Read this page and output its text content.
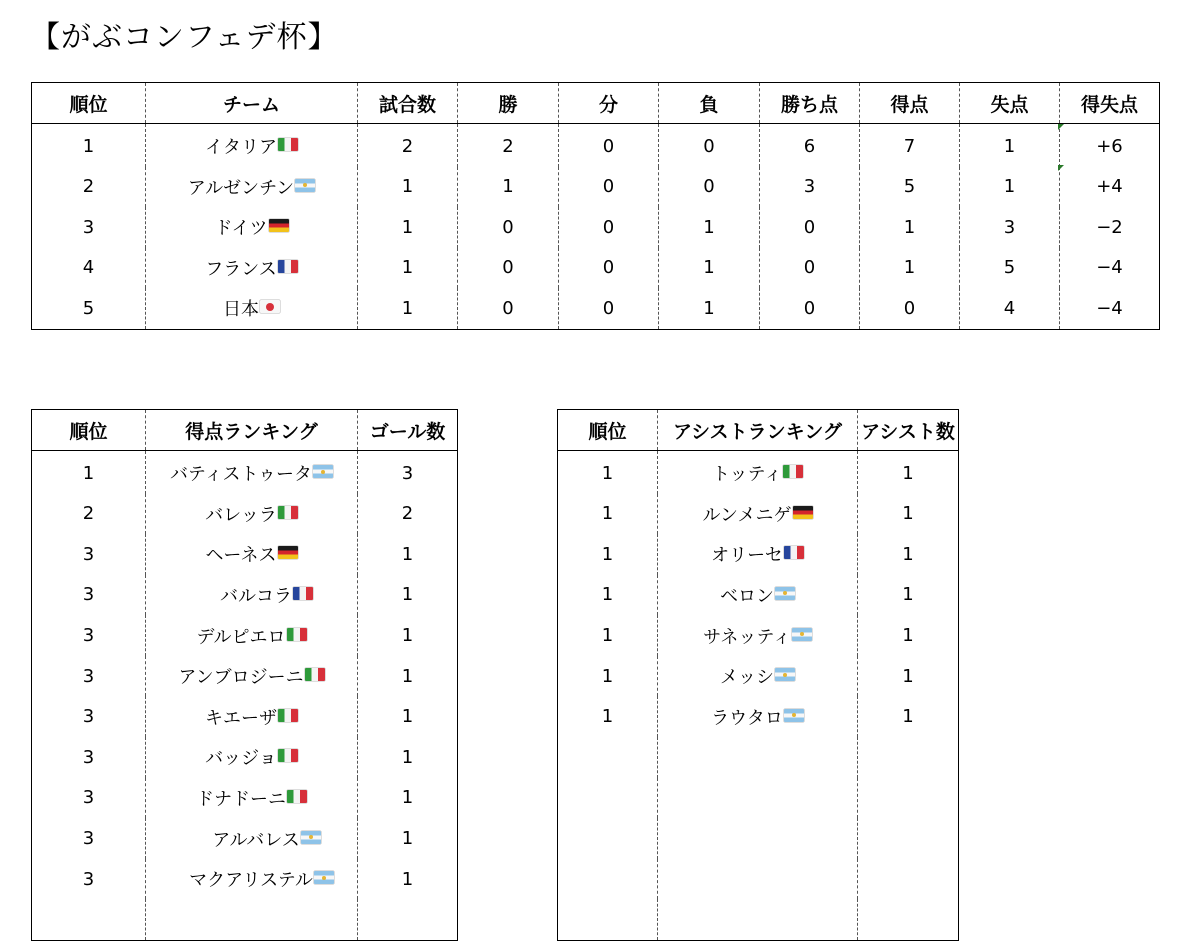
【がぶコンフェデ杯】
順位	チーム	試合数	勝	分	負	勝ち点	得点	失点	得失点
1	イタリア	2	2	0	0	6	7	1	+6
2	アルゼンチン	1	1	0	0	3	5	1	+4
3	ドイツ	1	0	0	1	0	1	3	−2
4	フランス	1	0	0	1	0	1	5	−4
5	日本	1	0	0	1	0	0	4	−4
順位	得点ランキング	ゴール数
1	バティストゥータ	3
2	バレッラ	2
3	ヘーネス	1
3	バルコラ	1
3	デルピエロ	1
3	アンブロジーニ	1
3	キエーザ	1
3	バッジョ	1
3	ドナドーニ	1
3	アルバレス	1
3	マクアリステル	1

順位	アシストランキング	アシスト数
1	トッティ	1
1	ルンメニゲ	1
1	オリーセ	1
1	ベロン	1
1	サネッティ	1
1	メッシ	1
1	ラウタロ	1
